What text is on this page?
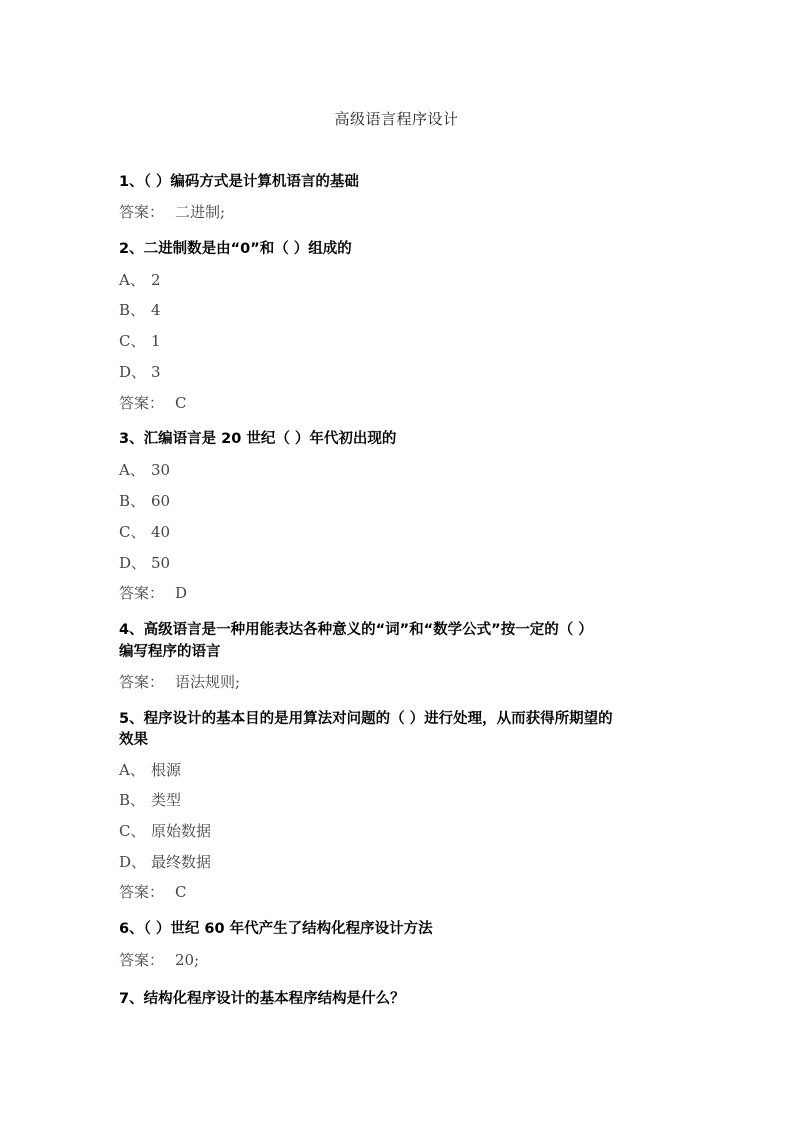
高级语言程序设计
1、（ ）编码方式是计算机语言的基础
答案： 二进制;
2、二进制数是由“0”和（ ）组成的
A、 2
B、 4
C、 1
D、 3
答案： C
3、汇编语言是 20 世纪（ ）年代初出现的
A、 30
B、 60
C、 40
D、 50
答案： D
4、高级语言是一种用能表达各种意义的“词”和“数学公式”按一定的（ ）
编写程序的语言
答案： 语法规则;
5、程序设计的基本目的是用算法对问题的（ ）进行处理，从而获得所期望的
效果
A、 根源
B、 类型
C、 原始数据
D、 最终数据
答案： C
6、（ ）世纪 60 年代产生了结构化程序设计方法
答案： 20;
7、结构化程序设计的基本程序结构是什么？
